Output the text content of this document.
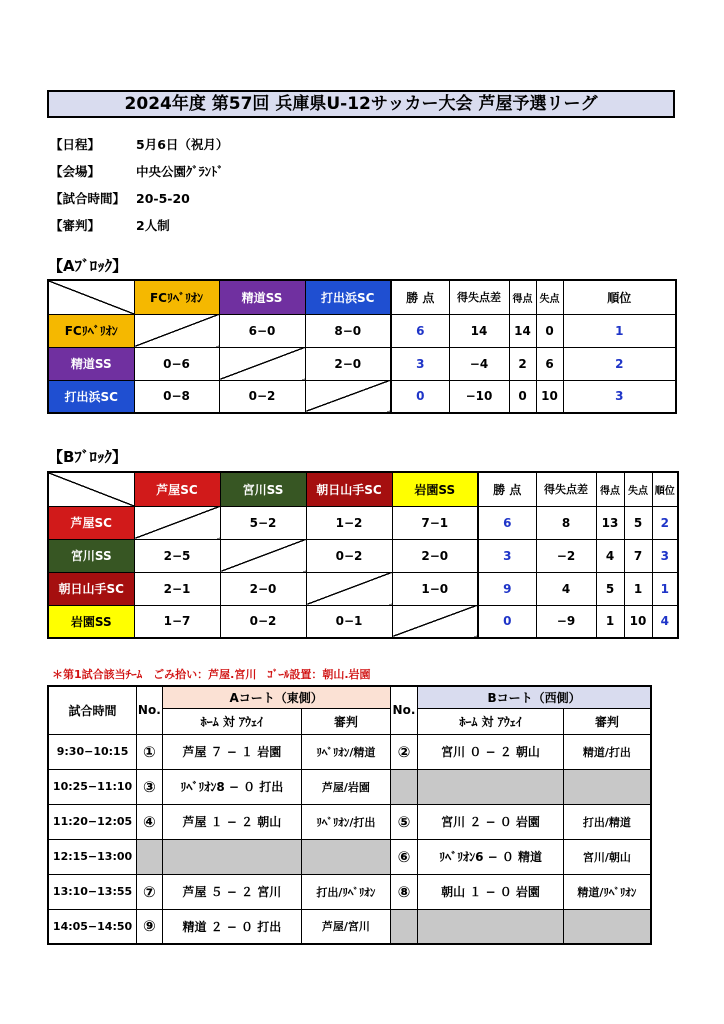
2024年度 第57回 兵庫県U-12サッカー大会 芦屋予選リーグ
【日程】	5月6日（祝月）
【会場】	中央公園ｸﾞﾗﾝﾄﾞ
【試合時間】 20-5-20
【審判】	2人制
【Aﾌﾞﾛｯｸ】
	FCﾘﾍﾞﾘｵﾝ	精道SS	打出浜SC	勝 点	得失点差	得点	失点	順位
FCﾘﾍﾞﾘｵﾝ		6−0	8−0	6	14	14	0	1
精道SS	0−6		2−0	3	−4	2	6	2
打出浜SC	0−8	0−2		0	−10	0	10	3
【Bﾌﾞﾛｯｸ】
	芦屋SC	宮川SS	朝日山手SC	岩園SS	勝 点	得失点差	得点	失点	順位
芦屋SC		5−2	1−2	7−1	6	8	13	5	2
宮川SS	2−5		0−2	2−0	3	−2	4	7	3
朝日山手SC	2−1	2−0		1−0	9	4	5	1	1
岩園SS	1−7	0−2	0−1		0	−9	1	10	4
＊第1試合該当ﾁｰﾑ　ごみ拾い：芦屋.宮川　ｺﾞｰﾙ設置：朝山.岩園
試合時間	No.	Aコート（東側）		No.	Bコート（西側）	
		ﾎｰﾑ 対 ｱｳｪｲ	審判		ﾎｰﾑ 対 ｱｳｪｲ	審判
9:30−10:15	①	芦屋 ７ − １ 岩園	ﾘﾍﾞﾘｵﾝ/精道	②	宮川 ０ − ２ 朝山	精道/打出
10:25−11:10	③	ﾘﾍﾞﾘｵﾝ8 − ０ 打出	芦屋/岩園			
11:20−12:05	④	芦屋 １ − ２ 朝山	ﾘﾍﾞﾘｵﾝ/打出	⑤	宮川 ２ − ０ 岩園	打出/精道
12:15−13:00				⑥	ﾘﾍﾞﾘｵﾝ6 − ０ 精道	宮川/朝山
13:10−13:55	⑦	芦屋 ５ − ２ 宮川	打出/ﾘﾍﾞﾘｵﾝ	⑧	朝山 １ − ０ 岩園	精道/ﾘﾍﾞﾘｵﾝ
14:05−14:50	⑨	精道 ２ − ０ 打出	芦屋/宮川			
